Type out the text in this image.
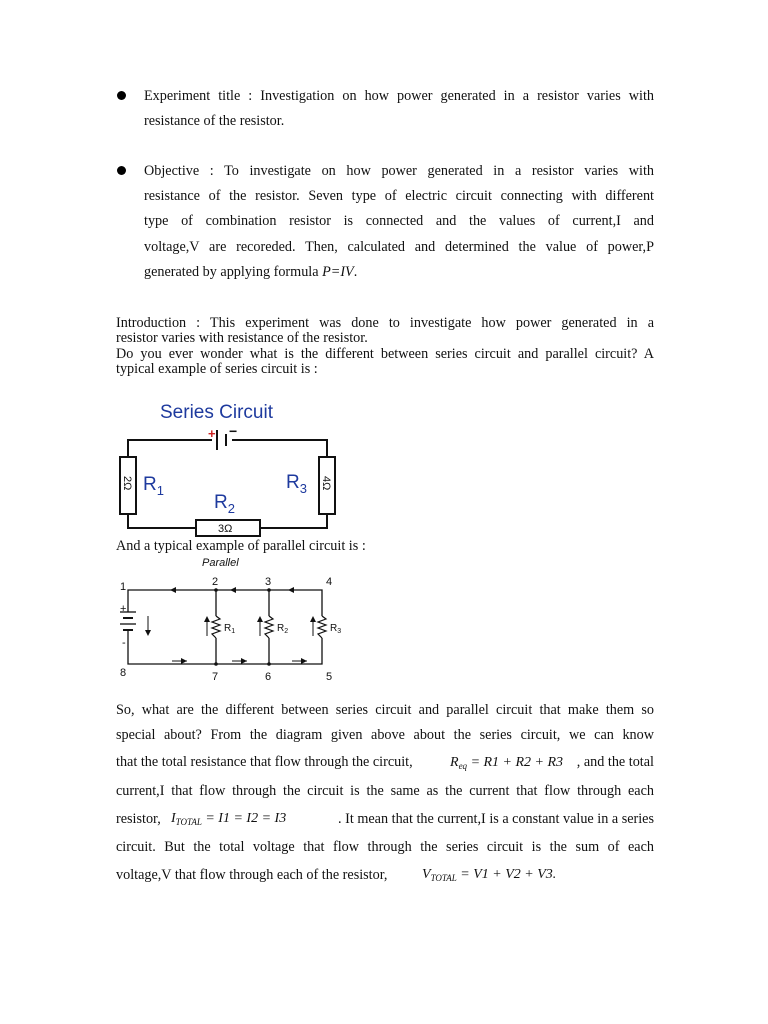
Experiment title : Investigation on how power generated in a resistor varies with
resistance of the resistor.
Objective : To investigate on how power generated in a resistor varies with
resistance of the resistor. Seven type of electric circuit connecting with different
type of combination resistor is connected and the values of current,I and
voltage,V are recoreded. Then, calculated and determined the value of power,P
generated by applying formula P=IV.
Introduction : This experiment was done to investigate how power generated in a
resistor varies with resistance of the resistor.
Do you ever wonder what is the different between series circuit and parallel circuit? A
typical example of series circuit is :
Series Circuit
+ −
2Ω $R_1$
3Ω
$R_2$
4Ω
$R_3$
And a typical example of parallel circuit is :
Parallel
1	2	3	4
8	7	6	5
+
-
$R_1$	$R_2$	$R_3$
So, what are the different between series circuit and parallel circuit that make them so
special about? From the diagram given above about the series circuit, we can know
that the total resistance that flow through the circuit,	$R_{eq} = R1 + R2 + R3$ , and the total
current,I that flow through the circuit is the same as the current that flow through each
resistor, $I_{TOTAL} = I1 = I2 = I3$	. It mean that the current,I is a constant value in a series
circuit. But the total voltage that flow through the series circuit is the sum of each
voltage,V that flow through each of the resistor, $V_{TOTAL} = V1 + V2 + V3$.
